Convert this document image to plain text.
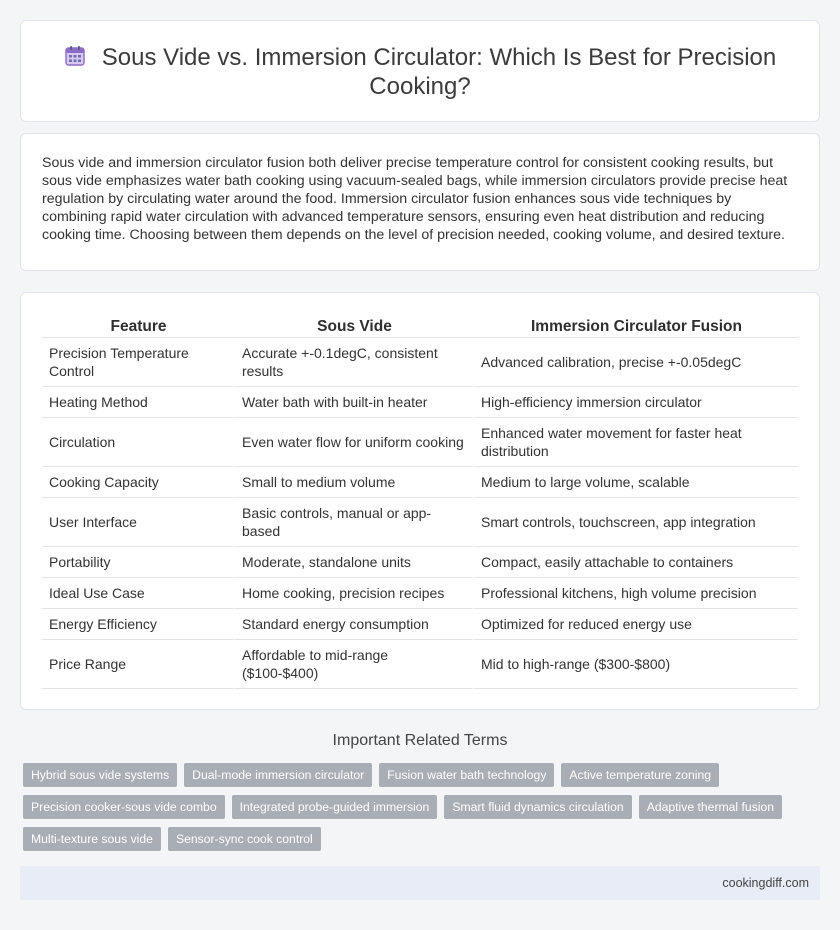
Sous Vide vs. Immersion Circulator: Which Is Best for Precision Cooking?

Sous vide and immersion circulator fusion both deliver precise temperature control for consistent cooking results, but sous vide emphasizes water bath cooking using vacuum-sealed bags, while immersion circulators provide precise heat regulation by circulating water around the food. Immersion circulator fusion enhances sous vide techniques by combining rapid water circulation with advanced temperature sensors, ensuring even heat distribution and reducing cooking time. Choosing between them depends on the level of precision needed, cooking volume, and desired texture.

Feature	Sous Vide	Immersion Circulator Fusion
Precision Temperature Control	Accurate +-0.1degC, consistent results	Advanced calibration, precise +-0.05degC
Heating Method	Water bath with built-in heater	High-efficiency immersion circulator
Circulation	Even water flow for uniform cooking	Enhanced water movement for faster heat distribution
Cooking Capacity	Small to medium volume	Medium to large volume, scalable
User Interface	Basic controls, manual or app-based	Smart controls, touchscreen, app integration
Portability	Moderate, standalone units	Compact, easily attachable to containers
Ideal Use Case	Home cooking, precision recipes	Professional kitchens, high volume precision
Energy Efficiency	Standard energy consumption	Optimized for reduced energy use
Price Range	Affordable to mid-range ($100-$400)	Mid to high-range ($300-$800)
Important Related Terms
Hybrid sous vide systems	Dual-mode immersion circulator	Fusion water bath technology	Active temperature zoning
Precision cooker-sous vide combo	Integrated probe-guided immersion	Smart fluid dynamics circulation	Adaptive thermal fusion
Multi-texture sous vide	Sensor-sync cook control
cookingdiff.com
